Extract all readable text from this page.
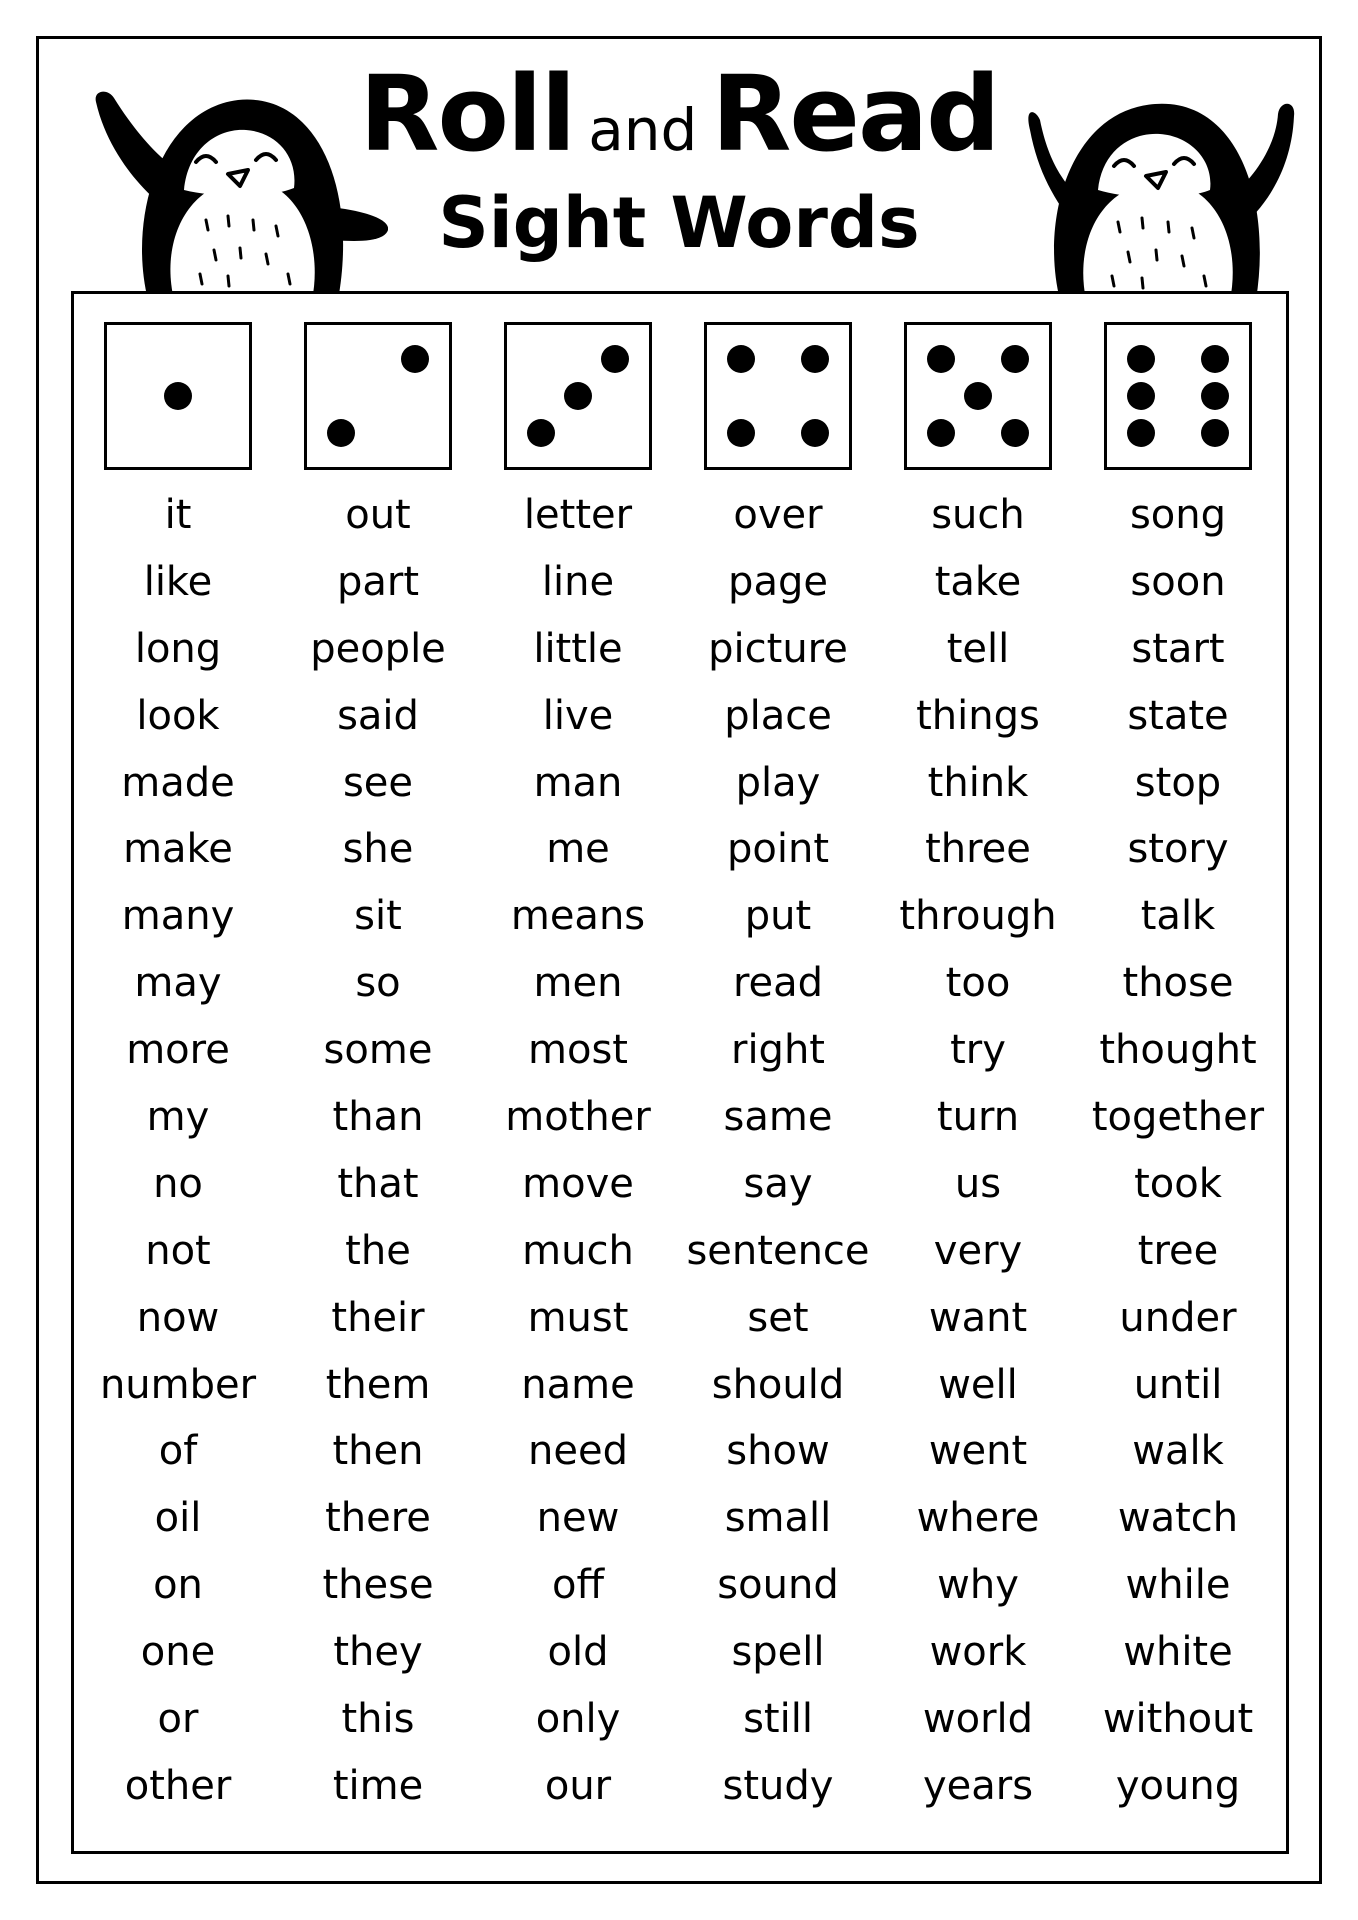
Roll and Read
Sight Words
it
like
long
look
made
make
many
may
more
my
no
not
now
number
of
oil
on
one
or
other
out
part
people
said
see
she
sit
so
some
than
that
the
their
them
then
there
these
they
this
time
letter
line
little
live
man
me
means
men
most
mother
move
much
must
name
need
new
off
old
only
our
over
page
picture
place
play
point
put
read
right
same
say
sentence
set
should
show
small
sound
spell
still
study
such
take
tell
things
think
three
through
too
try
turn
us
very
want
well
went
where
why
work
world
years
song
soon
start
state
stop
story
talk
those
thought
together
took
tree
under
until
walk
watch
while
white
without
young
